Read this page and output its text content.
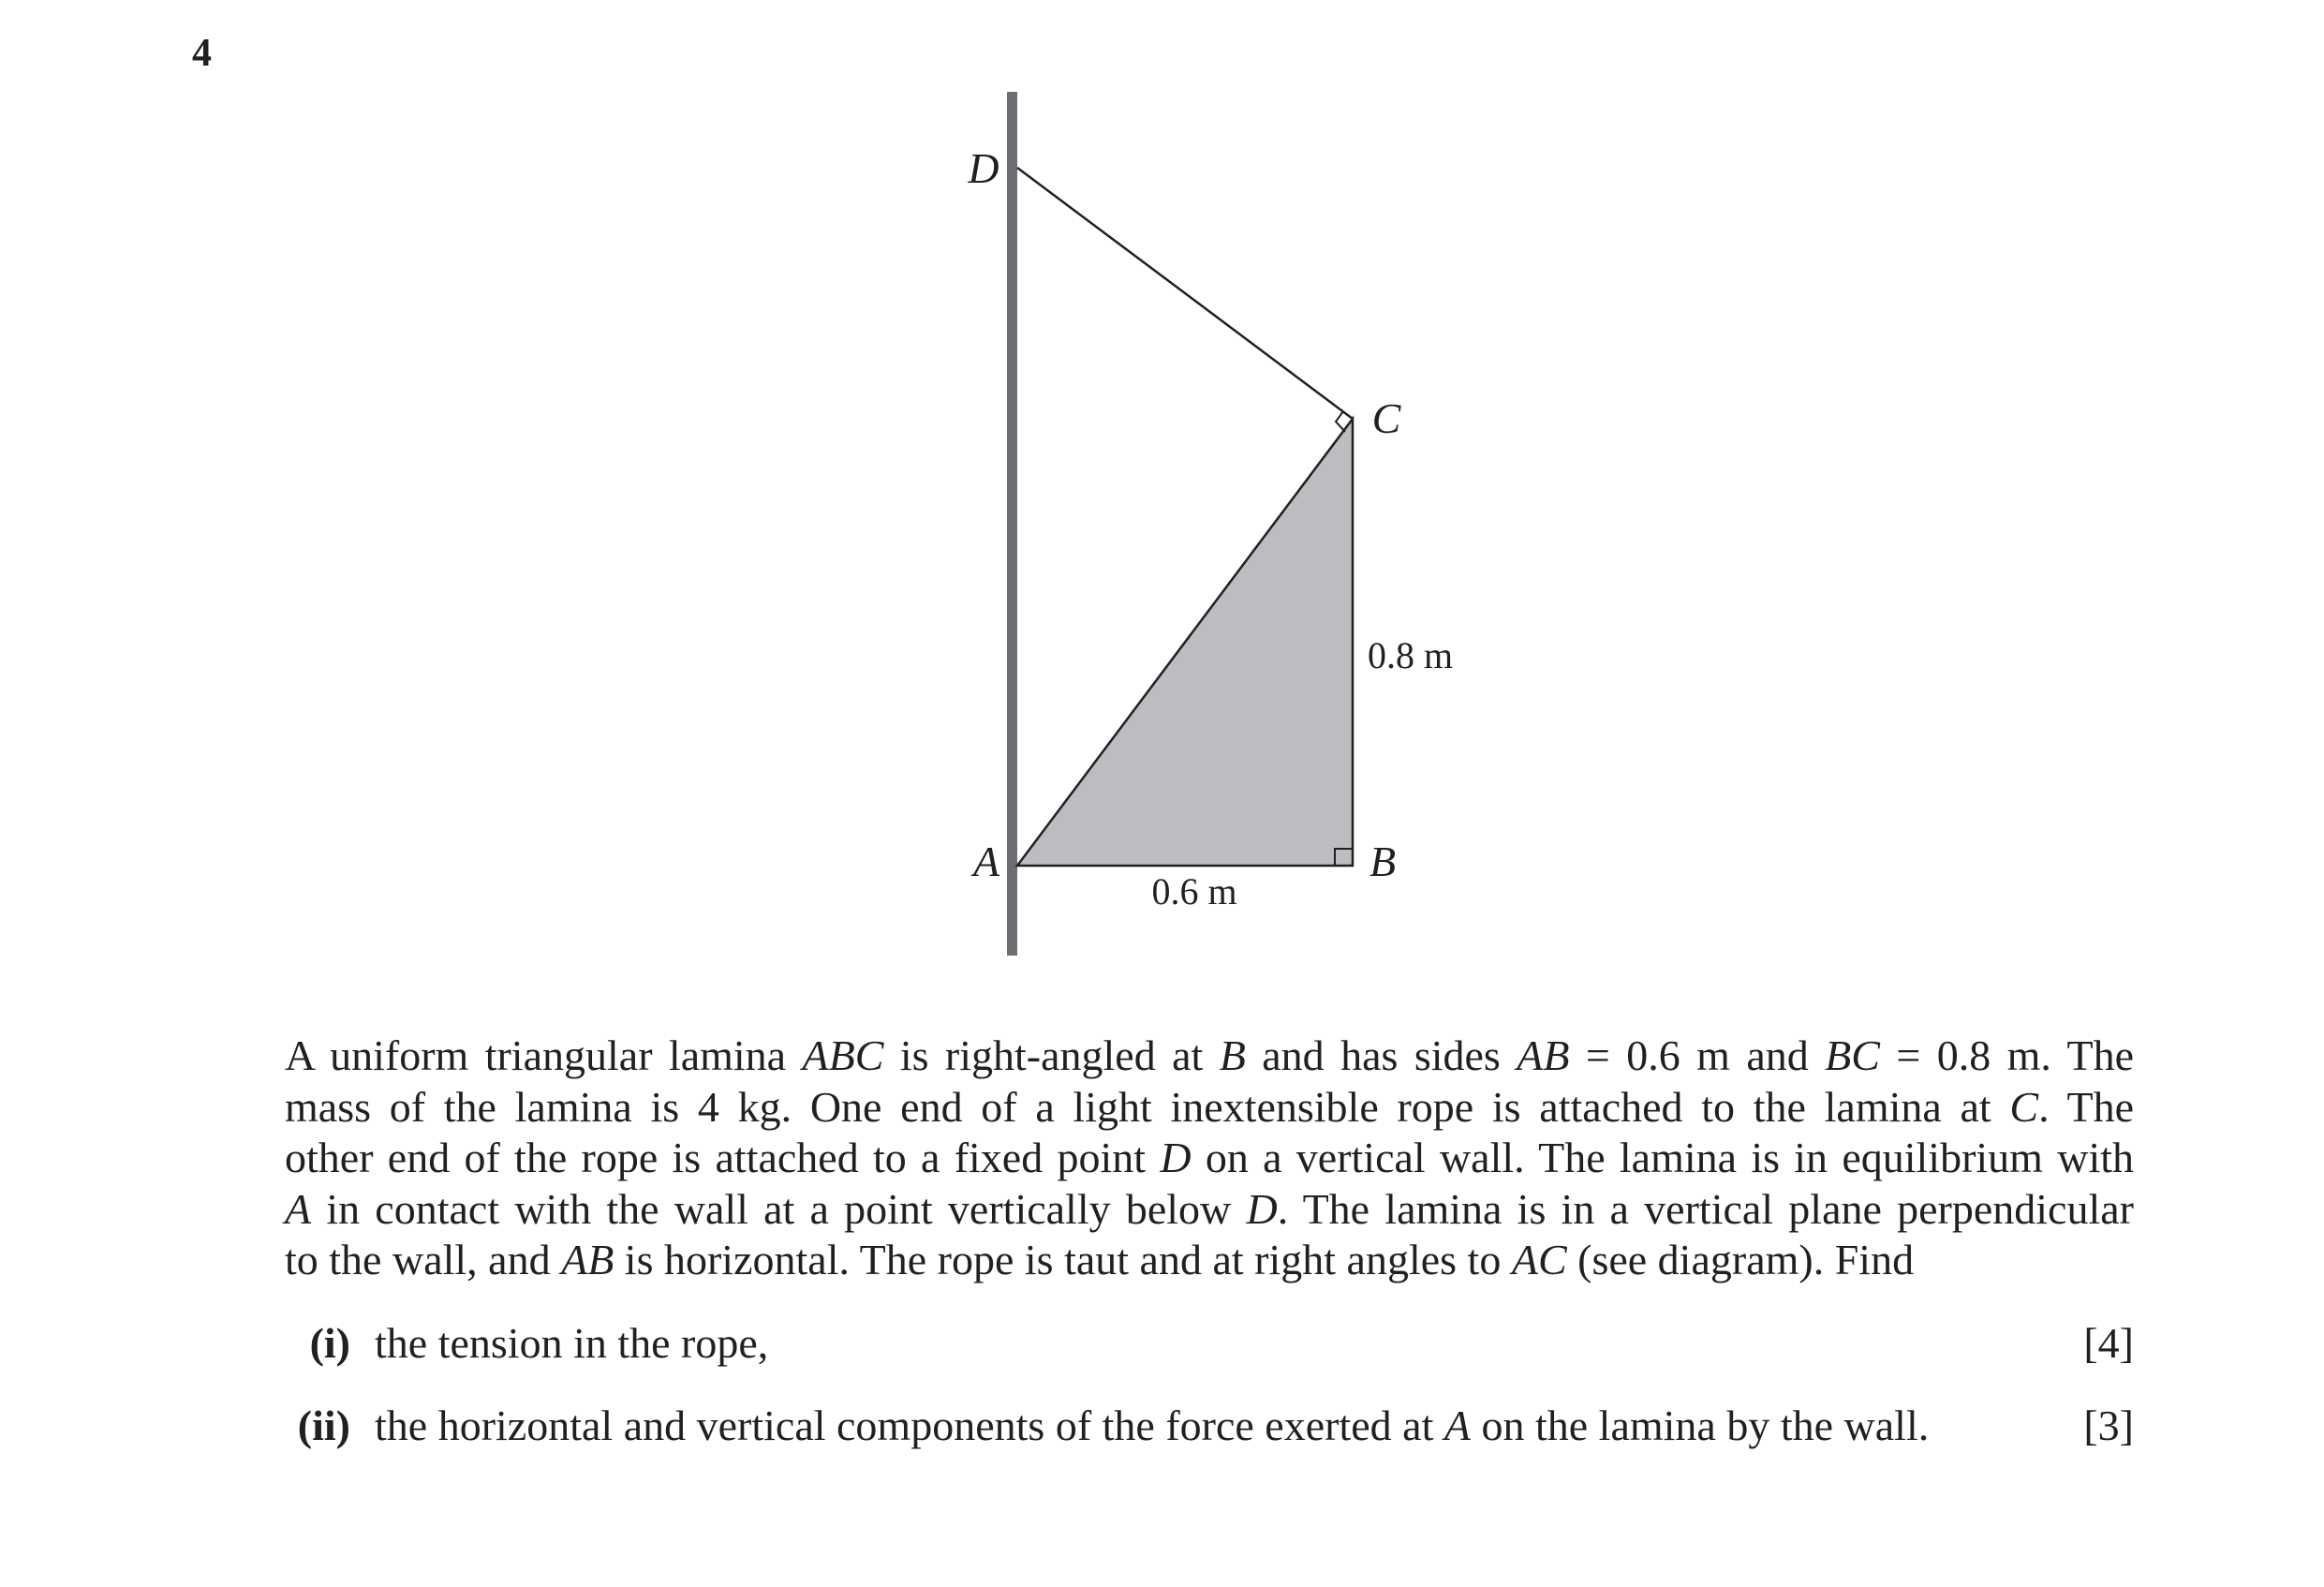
4
D
C
A	B
0.8 m
0.6 m
A uniform triangular lamina ABC is right-angled at B and has sides AB = 0.6 m and BC = 0.8 m. The
mass of the lamina is 4 kg. One end of a light inextensible rope is attached to the lamina at C. The
other end of the rope is attached to a fixed point D on a vertical wall. The lamina is in equilibrium with
A in contact with the wall at a point vertically below D. The lamina is in a vertical plane perpendicular
to the wall, and AB is horizontal. The rope is taut and at right angles to AC (see diagram). Find
(i) the tension in the rope,	[4]
(ii) the horizontal and vertical components of the force exerted at A on the lamina by the wall.	[3]
